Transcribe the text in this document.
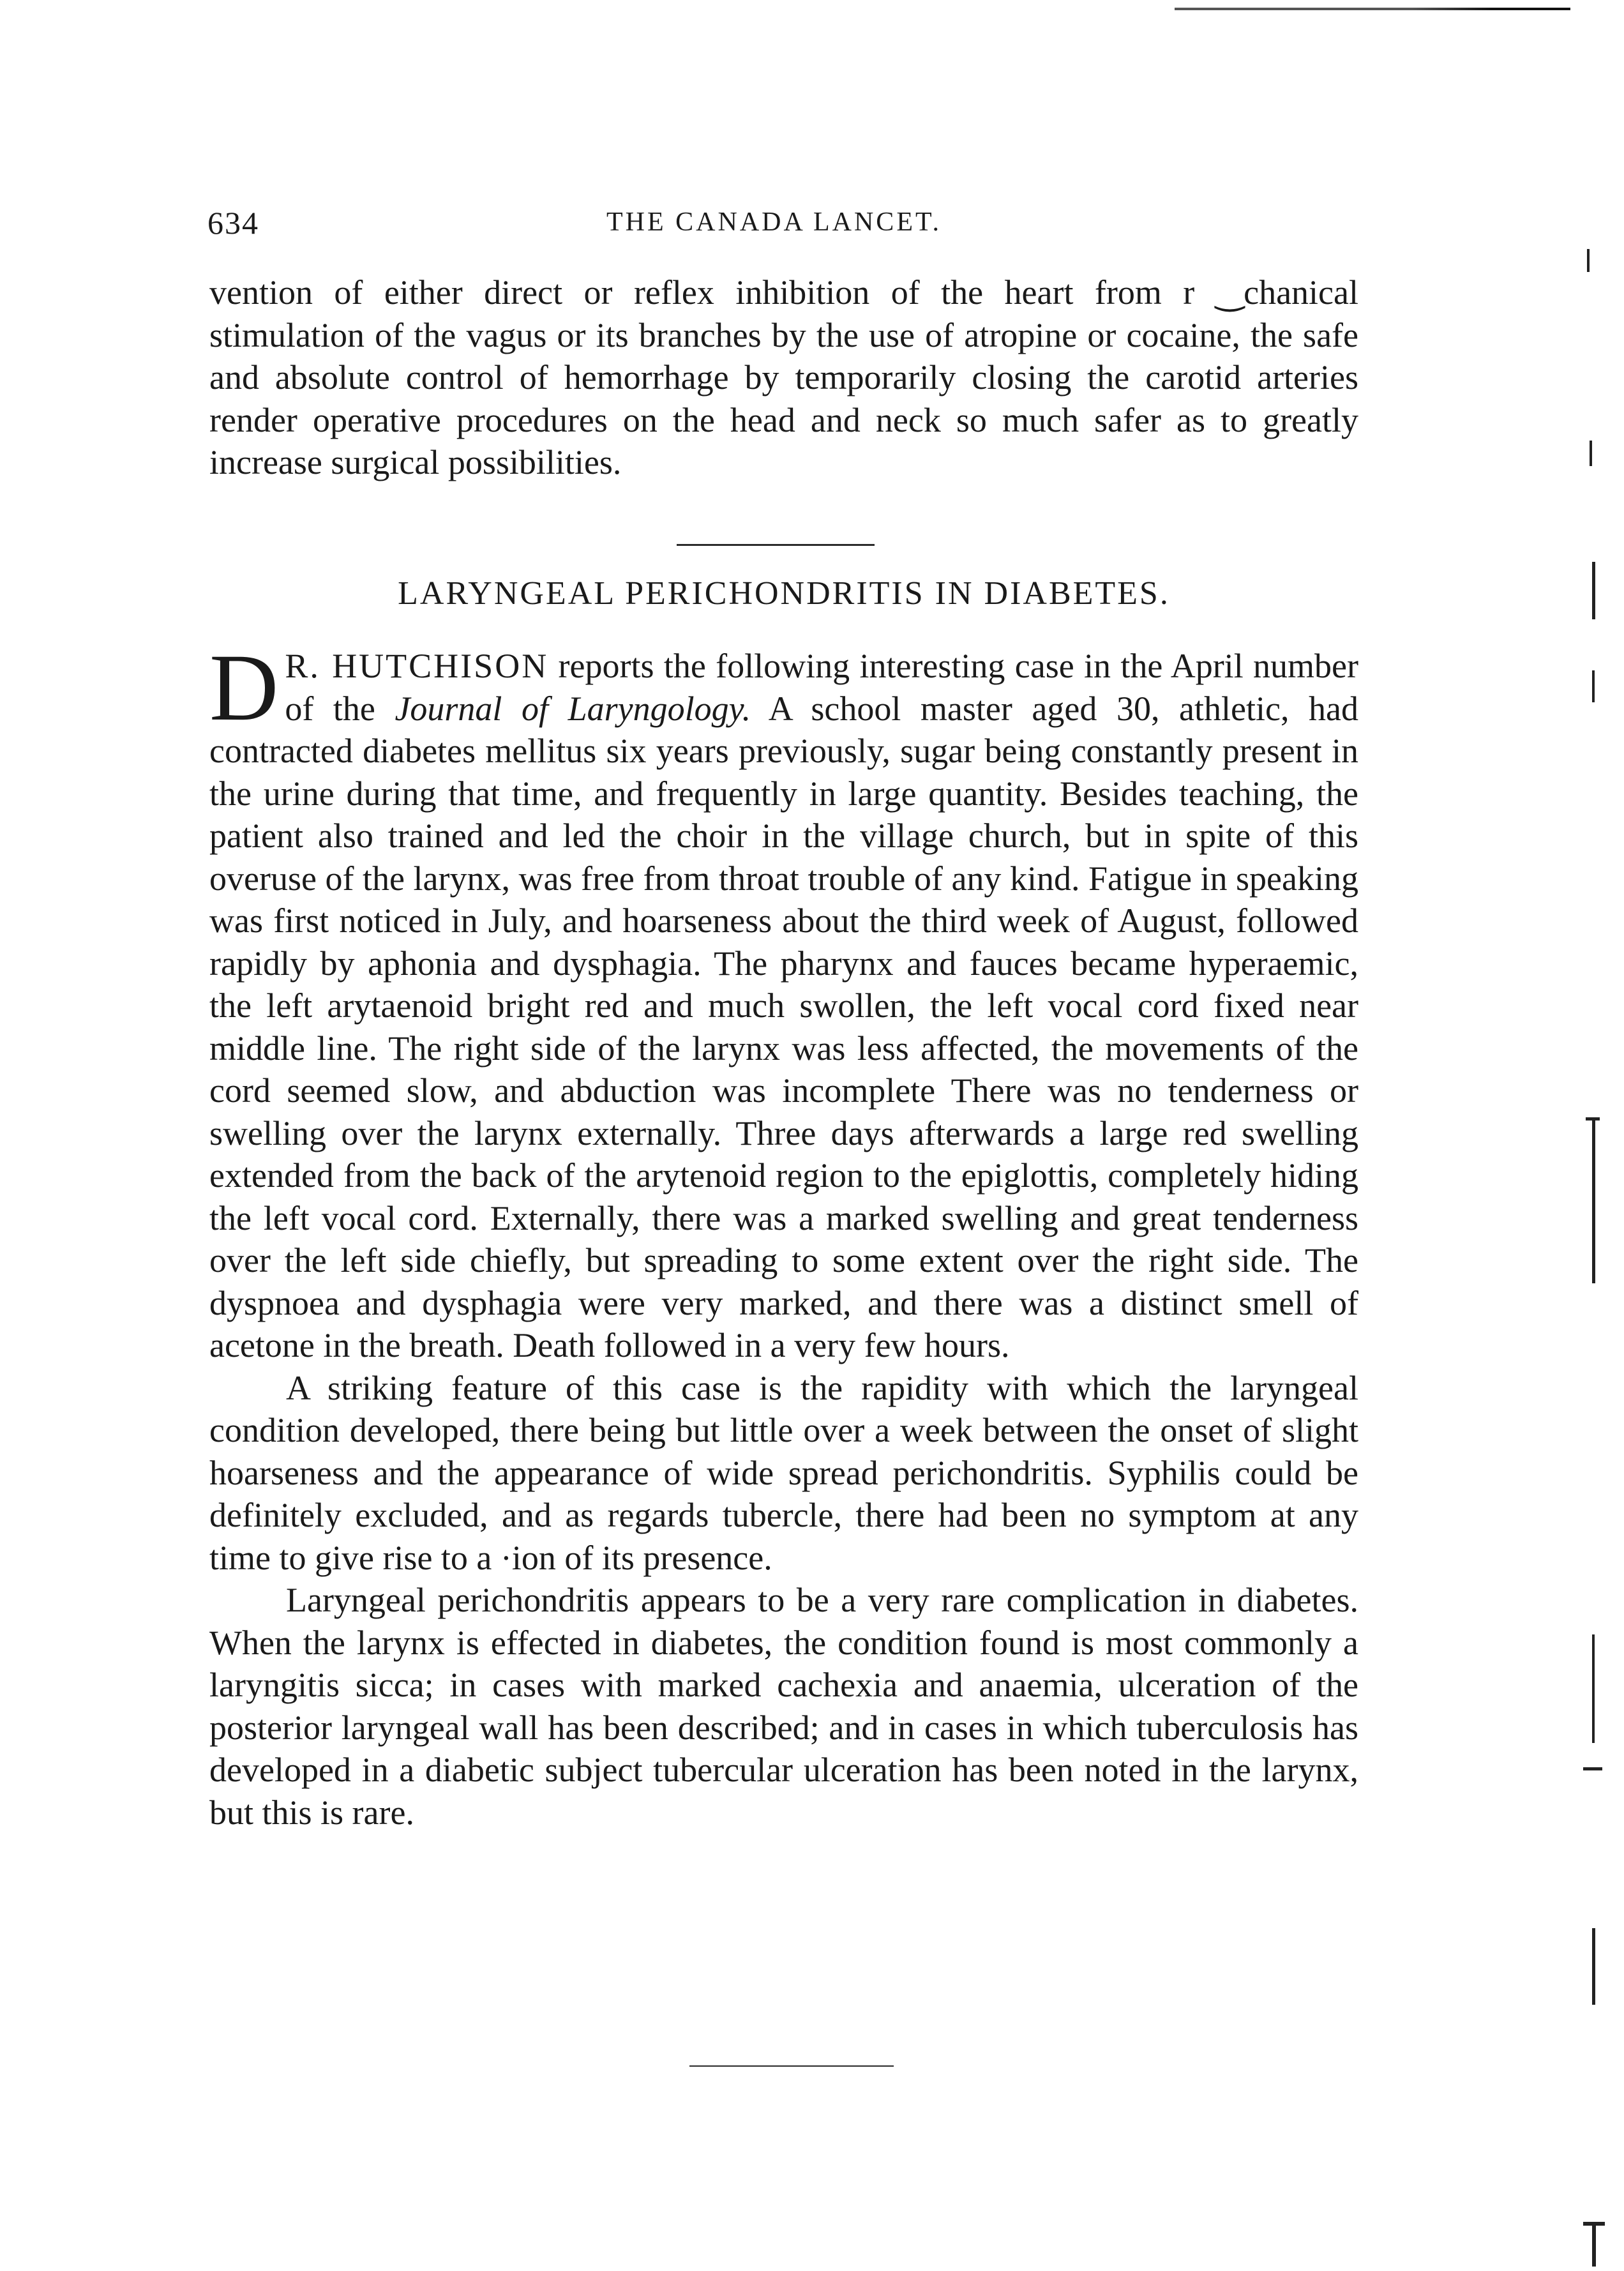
634	THE CANADA LANCET.

vention of either direct or reflex inhibition of the heart from r ‿chanical stimulation of the vagus or its branches by the use of atropine or cocaine, the safe and absolute control of hemorrhage by temporarily closing the carotid arteries render operative procedures on the head and neck so much safer as to greatly increase surgical possibilities.

LARYNGEAL PERICHONDRITIS IN DIABETES.

D R. HUTCHISON reports the following interesting case in the April number of the Journal of Laryngology. A school master aged 30, athletic, had contracted diabetes mellitus six years previously, sugar being constantly present in the urine during that time, and frequently in large quantity. Besides teaching, the patient also trained and led the choir in the village church, but in spite of this overuse of the larynx, was free from throat trouble of any kind. Fatigue in speaking was first noticed in July, and hoarseness about the third week of August, followed rapidly by aphonia and dysphagia. The pharynx and fauces became hyperaemic, the left arytaenoid bright red and much swollen, the left vocal cord fixed near middle line. The right side of the larynx was less affected, the movements of the cord seemed slow, and abduction was incomplete There was no tenderness or swelling over the larynx externally. Three days afterwards a large red swelling extended from the back of the arytenoid region to the epiglottis, completely hiding the left vocal cord. Externally, there was a marked swelling and great tenderness over the left side chiefly, but spreading to some extent over the right side. The dyspnoea and dysphagia were very marked, and there was a distinct smell of acetone in the breath. Death followed in a very few hours.

A striking feature of this case is the rapidity with which the laryngeal condition developed, there being but little over a week between the onset of slight hoarseness and the appearance of wide spread perichondritis. Syphilis could be definitely excluded, and as regards tubercle, there had been no symptom at any time to give rise to a ·ion of its presence.

Laryngeal perichondritis appears to be a very rare complication in diabetes. When the larynx is effected in diabetes, the condition found is most commonly a laryngitis sicca; in cases with marked cachexia and anaemia, ulceration of the posterior laryngeal wall has been described; and in cases in which tuberculosis has developed in a diabetic subject tubercular ulceration has been noted in the larynx, but this is rare.
